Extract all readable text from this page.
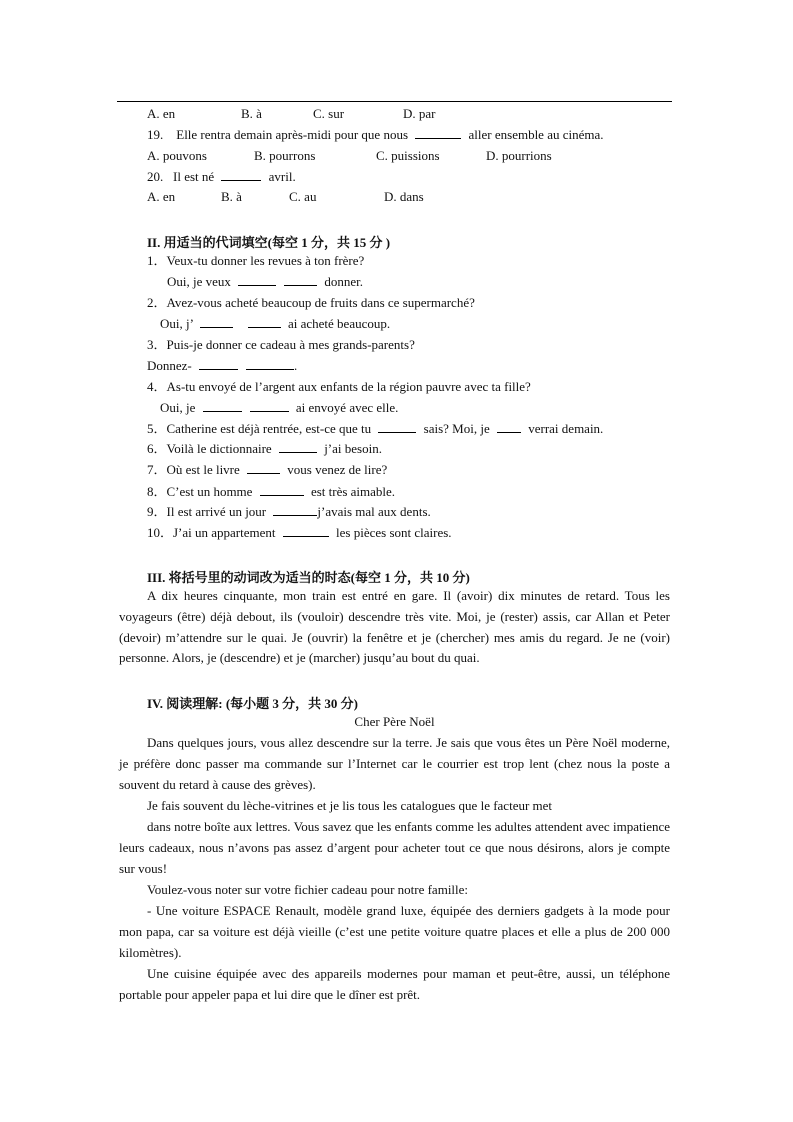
A. en	B. à	C. sur	D. par
19. Elle rentra demain après-midi pour que nous	aller ensemble au cinéma.
A. pouvons	B. pourrons	C. puissions	D. pourrions
20. Il est né	avril.
A. en	B. à	C. au	D. dans
II. 用适当的代词填空(每空 1 分，共 15 分 )
1．Veux-tu donner les revues à ton frère?
Oui, je veux	donner.
2．Avez-vous acheté beaucoup de fruits dans ce supermarché?
Oui, j’	ai acheté beaucoup.
3．Puis-je donner ce cadeau à mes grands-parents?
Donnez-	.
4．As-tu envoyé de l’argent aux enfants de la région pauvre avec ta fille?
Oui, je	ai envoyé avec elle.
5．Catherine est déjà rentrée, est-ce que tu	sais? Moi, je	verrai demain.
6．Voilà le dictionnaire	j’ai besoin.
7．Où est le livre	vous venez de lire?
8．C’est un homme	est très aimable.
9．Il est arrivé un jour	j’avais mal aux dents.
10．J’ai un appartement	les pièces sont claires.
III. 将括号里的动词改为适当的时态(每空 1 分，共 10 分)
A dix heures cinquante, mon train est entré en gare. Il (avoir) dix minutes de retard. Tous les voyageurs (être) déjà debout, ils (vouloir) descendre très vite. Moi, je (rester) assis, car Allan et Peter (devoir) m’attendre sur le quai. Je (ouvrir) la fenêtre et je (chercher) mes amis du regard. Je ne (voir) personne. Alors, je (descendre) et je (marcher) jusqu’au bout du quai.
IV. 阅读理解: (每小题 3 分，共 30 分)
Cher Père Noël
Dans quelques jours, vous allez descendre sur la terre. Je sais que vous êtes un Père Noël moderne, je préfère donc passer ma commande sur l’Internet car le courrier est trop lent (chez nous la poste a souvent du retard à cause des grèves).
Je fais souvent du lèche-vitrines et je lis tous les catalogues que le facteur met
dans notre boîte aux lettres. Vous savez que les enfants comme les adultes attendent avec impatience leurs cadeaux, nous n’avons pas assez d’argent pour acheter tout ce que nous désirons, alors je compte sur vous!
Voulez-vous noter sur votre fichier cadeau pour notre famille:
- Une voiture ESPACE Renault, modèle grand luxe, équipée des derniers gadgets à la mode pour mon papa, car sa voiture est déjà vieille (c’est une petite voiture quatre places et elle a plus de 200 000 kilomètres).
Une cuisine équipée avec des appareils modernes pour maman et peut-être, aussi, un téléphone portable pour appeler papa et lui dire que le dîner est prêt.
